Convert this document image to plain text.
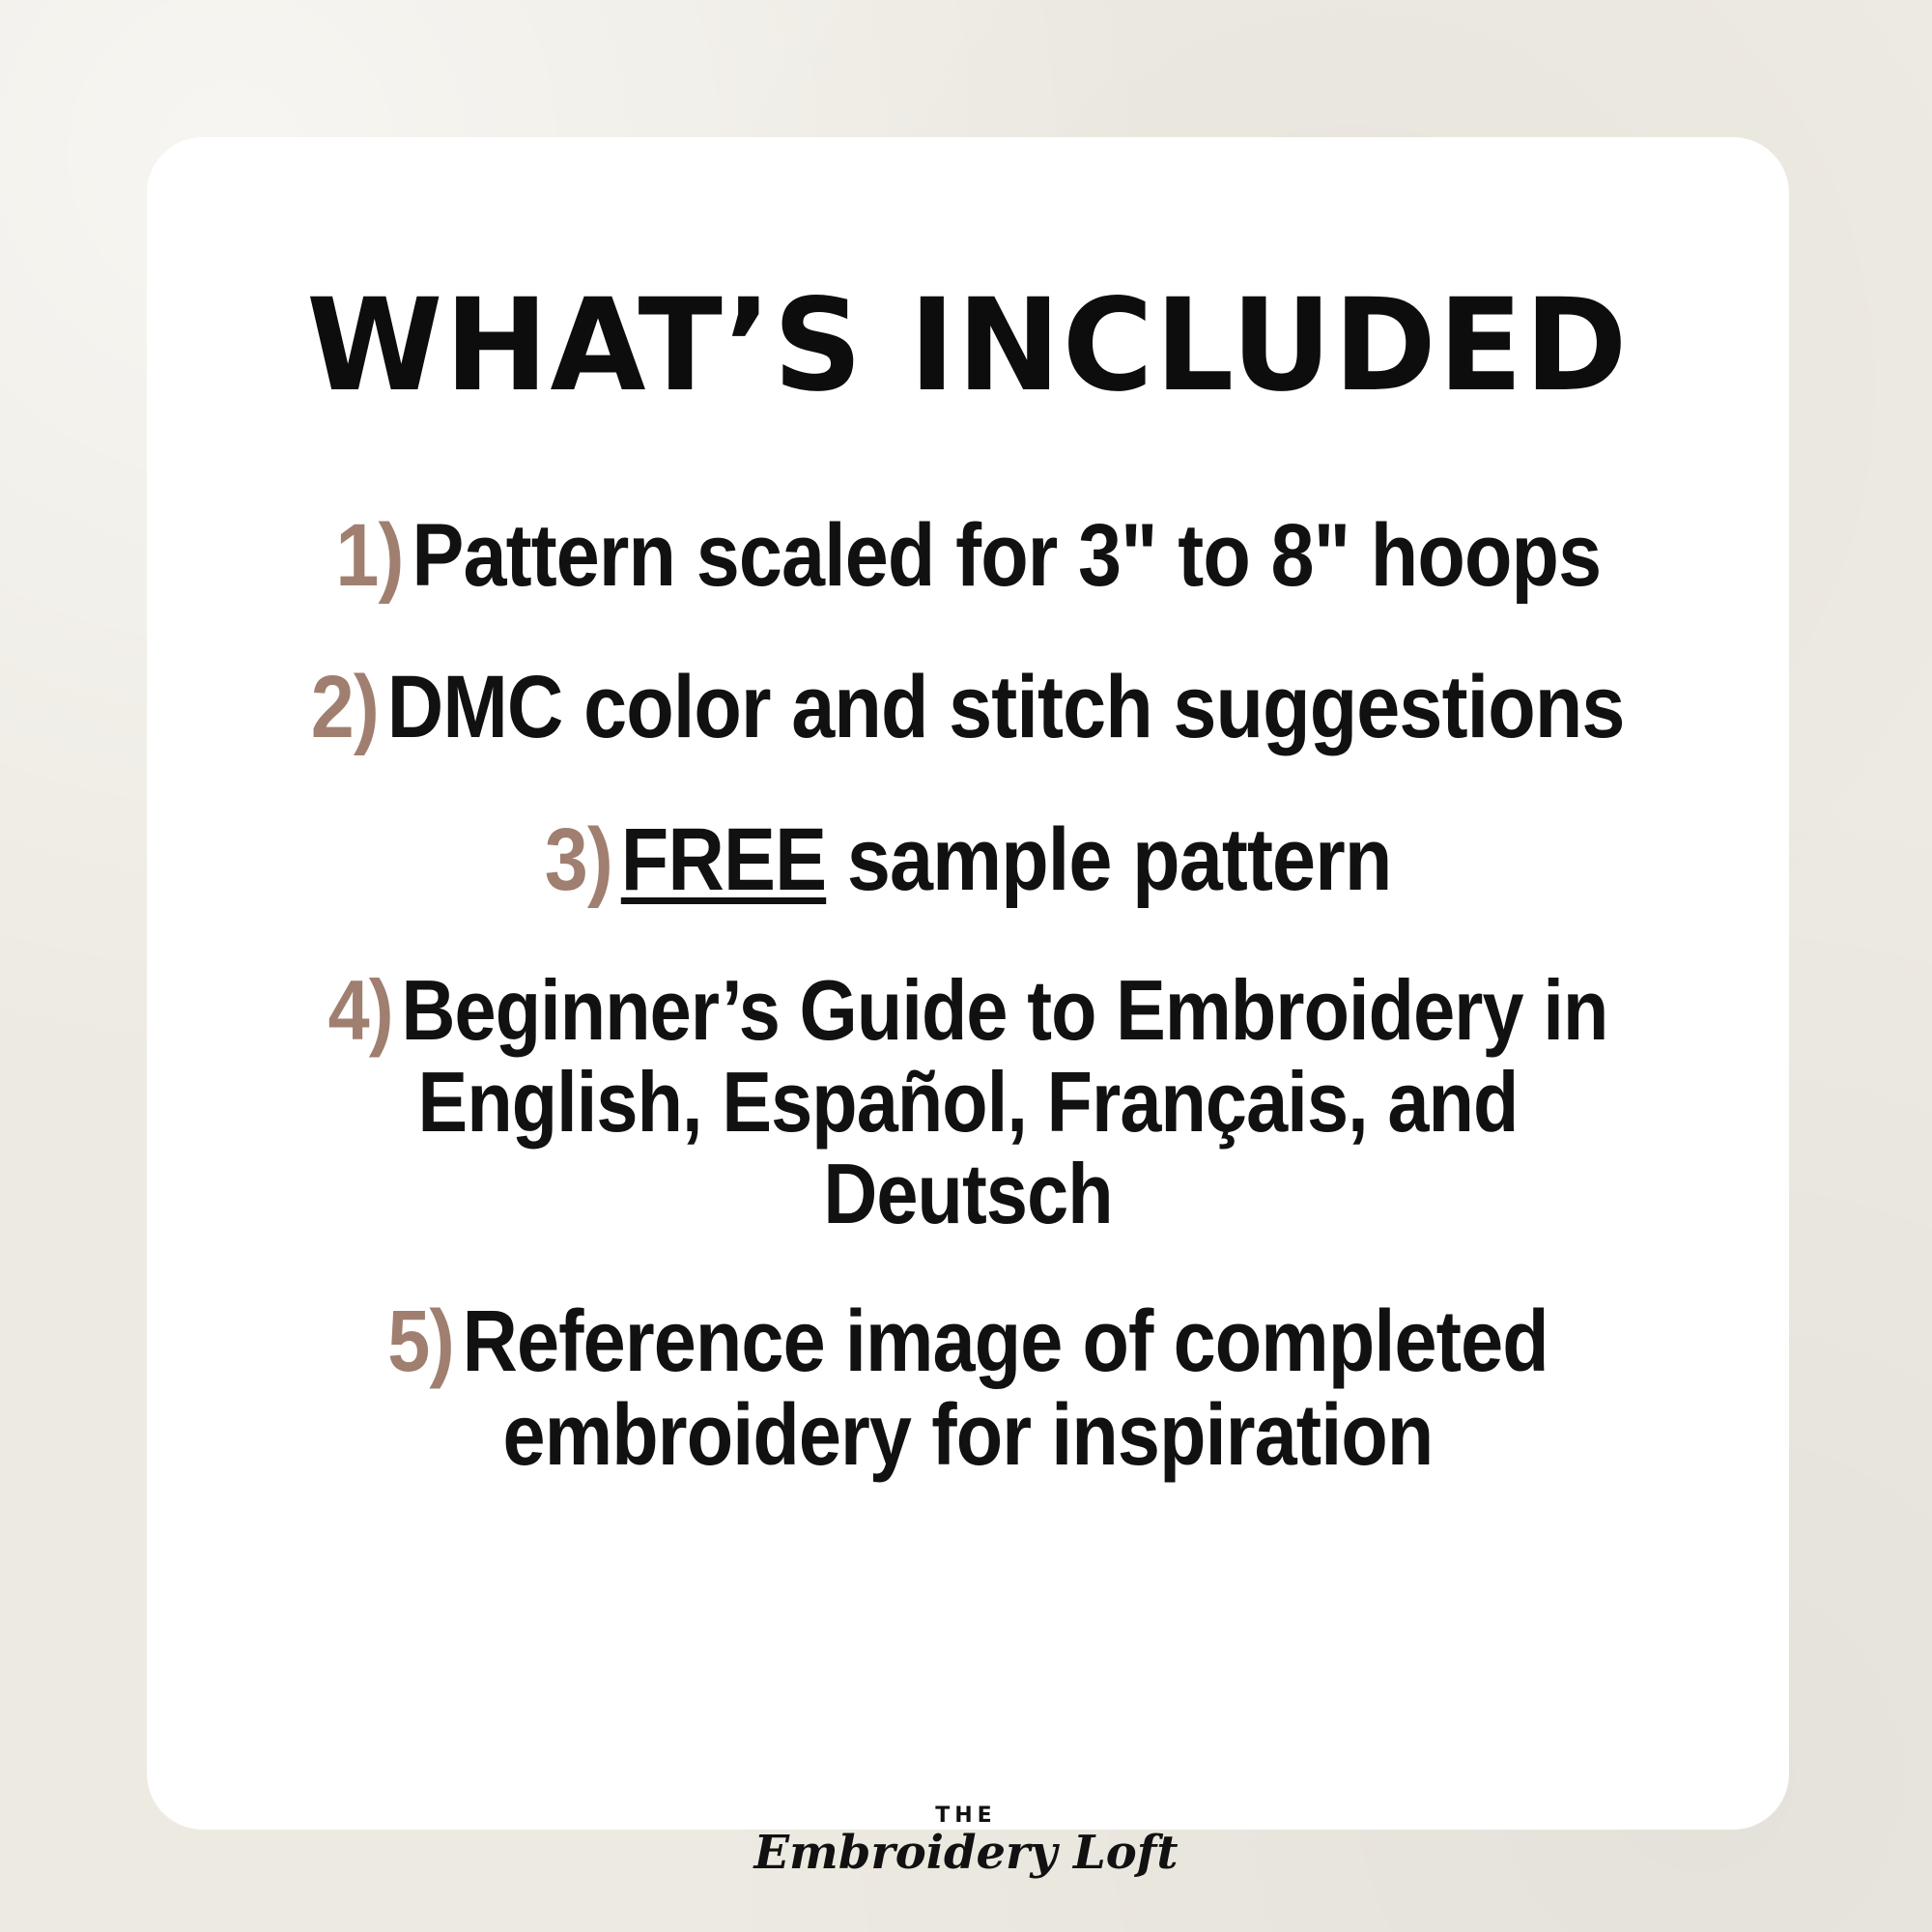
WHAT’S INCLUDED
1)Pattern scaled for 3" to 8" hoops
2)DMC color and stitch suggestions
3)FREE sample pattern
4)Beginner’s Guide to Embroidery in English, Español, Français, and Deutsch
5)Reference image of completed embroidery for inspiration
THE
Embroidery Loft
